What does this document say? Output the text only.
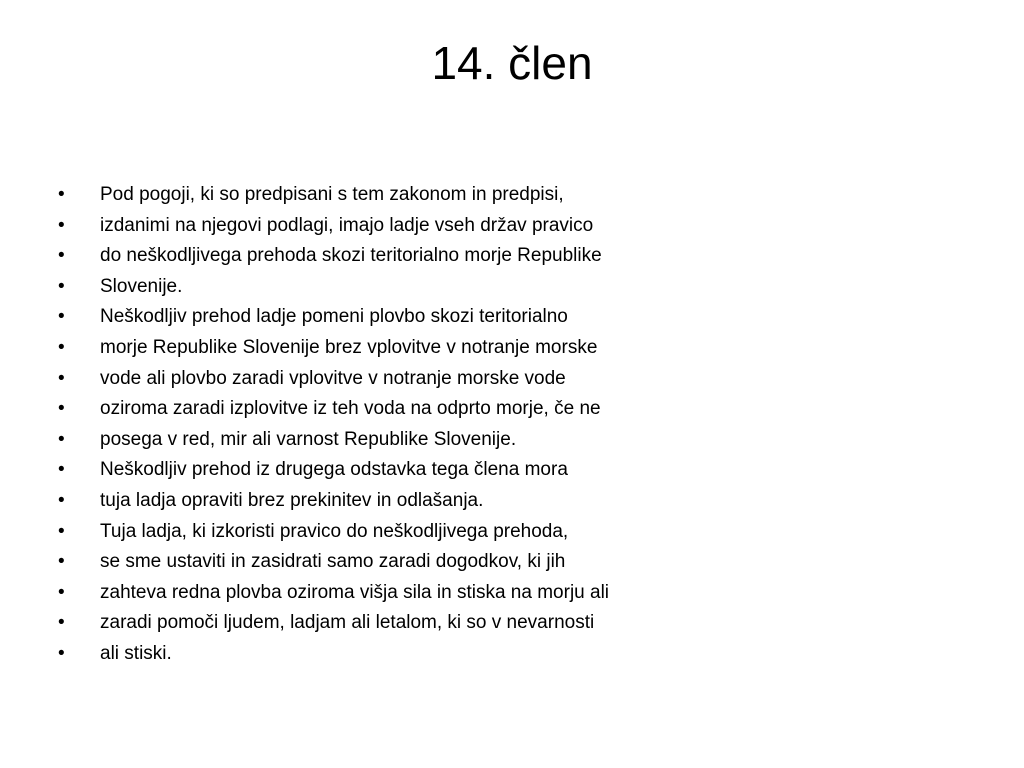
14. člen
•	Pod pogoji, ki so predpisani s tem zakonom in predpisi,
•	izdanimi na njegovi podlagi, imajo ladje vseh držav pravico
•	do neškodljivega prehoda skozi teritorialno morje Republike
•	Slovenije.
•	Neškodljiv prehod ladje pomeni plovbo skozi teritorialno
•	morje Republike Slovenije brez vplovitve v notranje morske
•	vode ali plovbo zaradi vplovitve v notranje morske vode
•	oziroma zaradi izplovitve iz teh voda na odprto morje, če ne
•	posega v red, mir ali varnost Republike Slovenije.
•	Neškodljiv prehod iz drugega odstavka tega člena mora
•	tuja ladja opraviti brez prekinitev in odlašanja.
•	Tuja ladja, ki izkoristi pravico do neškodljivega prehoda,
•	se sme ustaviti in zasidrati samo zaradi dogodkov, ki jih
•	zahteva redna plovba oziroma višja sila in stiska na morju ali
•	zaradi pomoči ljudem, ladjam ali letalom, ki so v nevarnosti
•	ali stiski.
